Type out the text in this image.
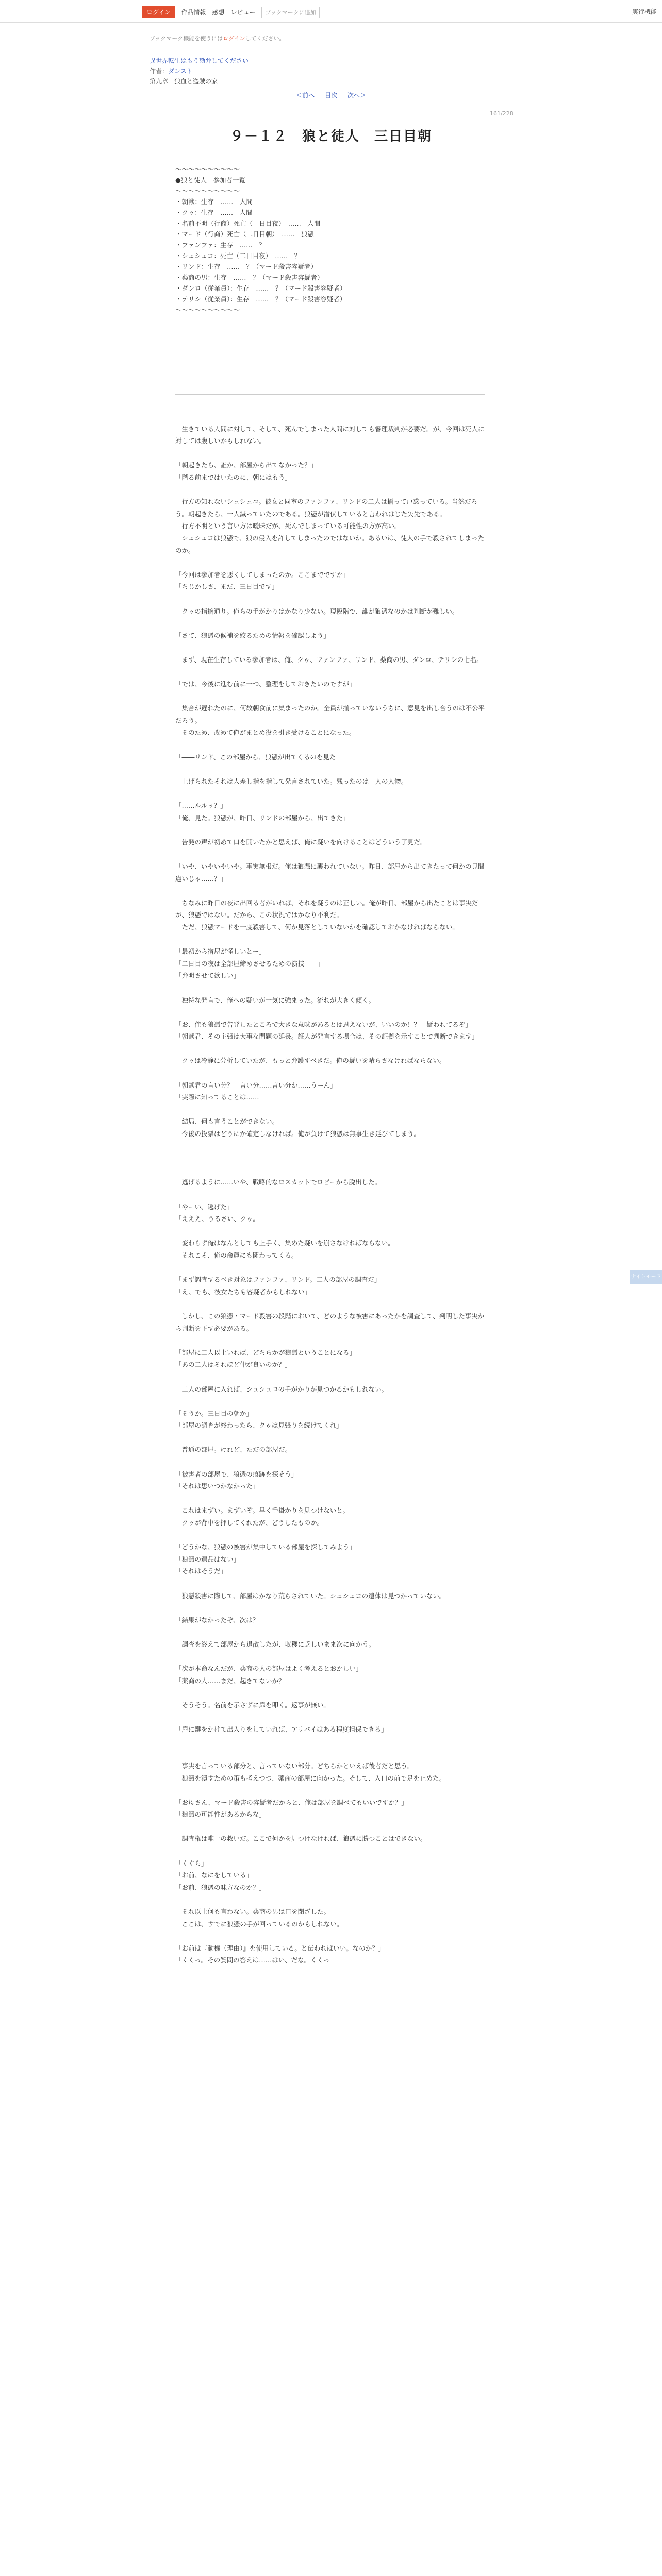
ログイン	作品情報 感想 レビュー	ブックマークに追加	実行機能
ブックマーク機能を使うにはログインしてください。
異世界転生はもう勘弁してください
作者：ダンスト
第九章　狼血と盗賊の家
＜前へ 目次 次へ＞
161/228
９－１２　狼と徒人　三日目朝
～～～～～～～～～～
●狼と徒人　参加者一覧
～～～～～～～～～～
・朝獣：生存　……　人間
・クゥ：生存　……　人間
・名前不明（行商）死亡（一日目夜）　……　人間
・マード（行商）死亡（二日目朝）　……　狼憑
・ファンファ：生存　……　？
・シュシュコ：死亡（二日目夜）　……　？
・リンド：生存　……　？（マード殺害容疑者）
・薬商の男：生存　……　？（マード殺害容疑者）
・ダンロ（従業員）：生存　……　？（マード殺害容疑者）
・テリシ（従業員）：生存　……　？（マード殺害容疑者）
～～～～～～～～～～

　生きている人間に対して、そして、死んでしまった人間に対しても審理裁判が必要だ。が、今回は死人に対しては腹しいかもしれない。

「朝起きたら、誰か、部屋から出てなかった？」

「階る前まではいたのに、朝にはもう」

　行方の知れないシュシュコ。彼女と同室のファンファ、リンドの二人は揃って戸惑っている。当然だろう。朝起きたら、一人減っていたのである。狼憑が潜伏していると言われはじた矢先である。

　行方不明という言い方は曖昧だが、死んでしまっている可能性の方が高い。

　シュシュコは狼憑で、狼の侵入を許してしまったのではないか。あるいは、徒人の手で殺されてしまったのか。

「今回は参加者を悪くしてしまったのか。ここまでですか」

「ちじかしさ、まだ、三日目です」

　クゥの指摘通り。俺らの手がかりはかなり少ない。現段階で、誰が狼憑なのかは判断が難しい。

「さて、狼憑の候補を絞るための情報を確認しよう」

　まず、現在生存している参加者は、俺、クゥ、ファンファ、リンド、薬商の男、ダンロ、テリシの七名。

「では、今後に進む前に一つ、整理をしておきたいのですが」

　集合が遅れたのに、何故朝食前に集まったのか。全員が揃っていないうちに、意見を出し合うのは不公平だろう。

　そのため、改めて俺がまとめ役を引き受けることになった。

「――リンド、この部屋から、狼憑が出てくるのを見た」

　上げられたそれは人差し指を指して発言されていた。残ったのは一人の人物。

「……ルルッ？」

「俺、見た。狼憑が、昨日、リンドの部屋から、出てきた」

　告発の声が初めて口を開いたかと思えば、俺に疑いを向けることはどういう了見だ。

「いや、いやいやいや。事実無根だ。俺は狼憑に襲われていない。昨日、部屋から出てきたって何かの見間違いじゃ……？」

　ちなみに昨日の夜に出回る者がいれば、それを疑うのは正しい。俺が昨日、部屋から出たことは事実だが、狼憑ではない。だから、この状況ではかなり不利だ。

　ただ、狼憑マードを一度殺害して、何か見落としていないかを確認しておかなければならない。

「最初から宿屋が怪しいとー」

「二日目の夜は全部屋締めさせるための演技――」

「弁明させて欲しい」

　独特な発言で、俺への疑いが一気に強まった。流れが大きく傾く。

「お、俺も狼憑で告発したところで大きな意味があるとは思えないが、いいのか！？　疑われてるぞ」

「朝獣君、その主張は大事な問題の延長。証人が発言する場合は、その証拠を示すことで判断できます」

　クゥは冷静に分析していたが、もっと弁護すべきだ。俺の疑いを晴らさなければならない。

「朝獣君の言い分？　言い分……言い分か……うーん」

「実際に知ってることは……」

　結局、何も言うことができない。

　今後の投票はどうにか確定しなければ。俺が負けて狼憑は無事生き延びてしまう。

　逃げるように……いや、戦略的なロスカットでロビーから脱出した。

「やーい、逃げた」

「えええ、うるさい、クゥ。」

　変わらず俺はなんとしても上手く、集めた疑いを崩さなければならない。

　それこそ、俺の命運にも関わってくる。

「まず調査するべき対象はファンファ、リンド。二人の部屋の調査だ」

「え、でも、彼女たちも容疑者かもしれない」

　しかし、この狼憑・マード殺害の段階において、どのような被害にあったかを調査して、判明した事実から判断を下す必要がある。

「部屋に二人以上いれば、どちらかが狼憑ということになる」

「あの二人はそれほど仲が良いのか？」

　二人の部屋に入れば、シュシュコの手がかりが見つかるかもしれない。

「そうか。三日目の朝か」

「部屋の調査が終わったら、クゥは見張りを続けてくれ」

　普通の部屋。けれど、ただの部屋だ。

「被害者の部屋で、狼憑の痕跡を探そう」

「それは思いつかなかった」

　これはまずい。まずいぞ。早く手掛かりを見つけないと。

　クゥが背中を押してくれたが、どうしたものか。

「どうかな、狼憑の被害が集中している部屋を探してみよう」

「狼憑の遺品はない」

「それはそうだ」

　狼憑殺害に際して、部屋はかなり荒らされていた。シュシュコの遺体は見つかっていない。

「結果がなかったぞ、次は？」

　調査を終えて部屋から退散したが、収穫に乏しいまま次に向かう。

「次が本命なんだが、薬商の人の部屋はよく考えるとおかしい」

「薬商の人……まだ、起きてないか？」

　そうそう。名前を示さずに扉を叩く。返事が無い。

「扉に鍵をかけて出入りをしていれば、アリバイはある程度担保できる」

　事実を言っている部分と、言っていない部分。どちらかといえば後者だと思う。

　狼憑を潰すための策も考えつつ、薬商の部屋に向かった。そして、入口の前で足を止めた。

「お母さん、マード殺害の容疑者だからと、俺は部屋を調べてもいいですか？」

「狼憑の可能性があるからな」

　調査権は唯一の救いだ。ここで何かを見つけなければ、狼憑に勝つことはできない。

「くぐら」

「お前、なにをしている」

「お前、狼憑の味方なのか？」

　それ以上何も言わない。薬商の男は口を閉ざした。

　ここは、すでに狼憑の手が回っているのかもしれない。

「お前は『動機（理由）』を使用している。と伝わればいい。なのか？」

「くくっ。その質問の答えは……はい、だな。くくっ」

ナイトモード
